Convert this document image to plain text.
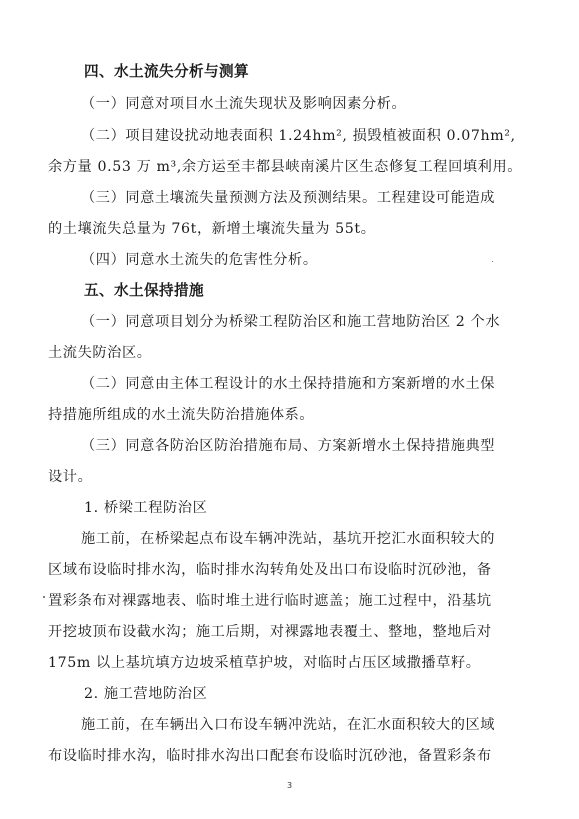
四、水土流失分析与测算
（一）同意对项目水土流失现状及影响因素分析。
（二）项目建设扰动地表面积 1.24hm², 损毁植被面积 0.07hm²,
余方量 0.53 万 m³,余方运至丰都县峡南溪片区生态修复工程回填利用。
（三）同意土壤流失量预测方法及预测结果。工程建设可能造成
的土壤流失总量为 76t，新增土壤流失量为 55t。
（四）同意水土流失的危害性分析。
五、水土保持措施
（一）同意项目划分为桥梁工程防治区和施工营地防治区 2 个水
土流失防治区。
（二）同意由主体工程设计的水土保持措施和方案新增的水土保
持措施所组成的水土流失防治措施体系。
（三）同意各防治区防治措施布局、方案新增水土保持措施典型
设计。
1. 桥梁工程防治区
施工前，在桥梁起点布设车辆冲洗站，基坑开挖汇水面积较大的
区域布设临时排水沟，临时排水沟转角处及出口布设临时沉砂池，备
置彩条布对裸露地表、临时堆土进行临时遮盖；施工过程中，沿基坑
开挖坡顶布设截水沟；施工后期，对裸露地表覆土、整地，整地后对
175m 以上基坑填方边坡采植草护坡，对临时占压区域撒播草籽。
2. 施工营地防治区
施工前，在车辆出入口布设车辆冲洗站，在汇水面积较大的区域
布设临时排水沟，临时排水沟出口配套布设临时沉砂池，备置彩条布
3
